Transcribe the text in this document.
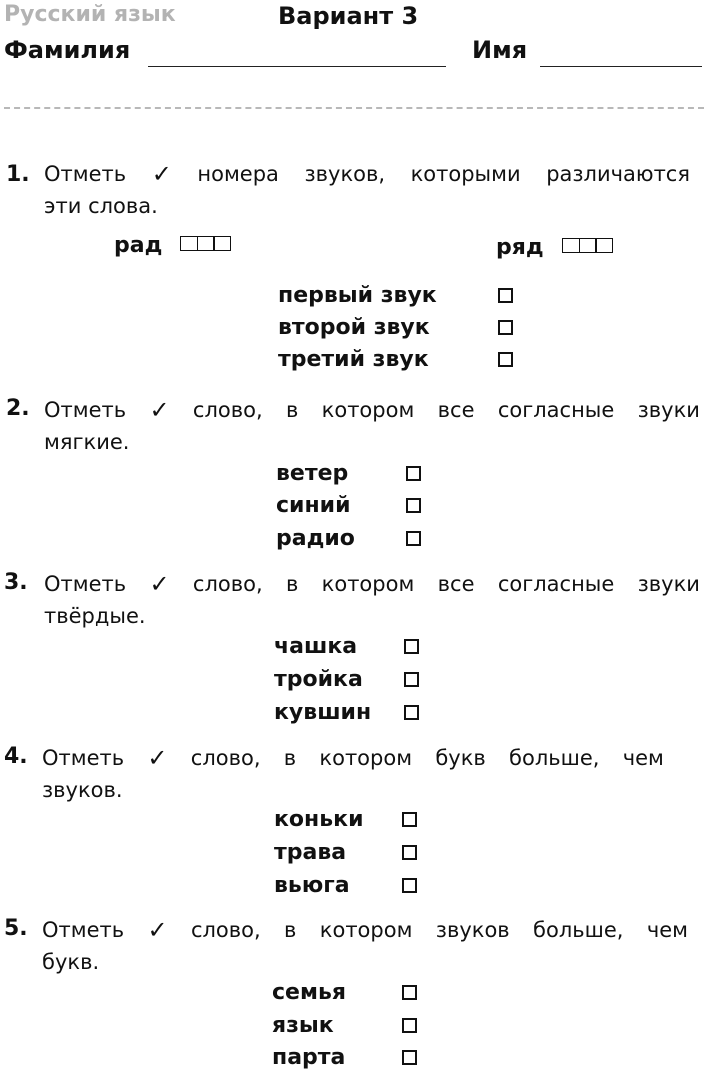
Русский язык	Вариант 3
Фамилия	Имя
1. Отметь ✓ номера звуков, которыми различаются
эти слова.
рад	ряд
первый звук
второй звук
третий звук
2. Отметь ✓ слово, в котором все согласные звуки
мягкие.
ветер
синий
радио
3. Отметь ✓ слово, в котором все согласные звуки
твёрдые.
чашка
тройка
кувшин
4. Отметь ✓ слово, в котором букв больше, чем
звуков.
коньки
трава
вьюга
5. Отметь ✓ слово, в котором звуков больше, чем
букв.
семья
язык
парта
